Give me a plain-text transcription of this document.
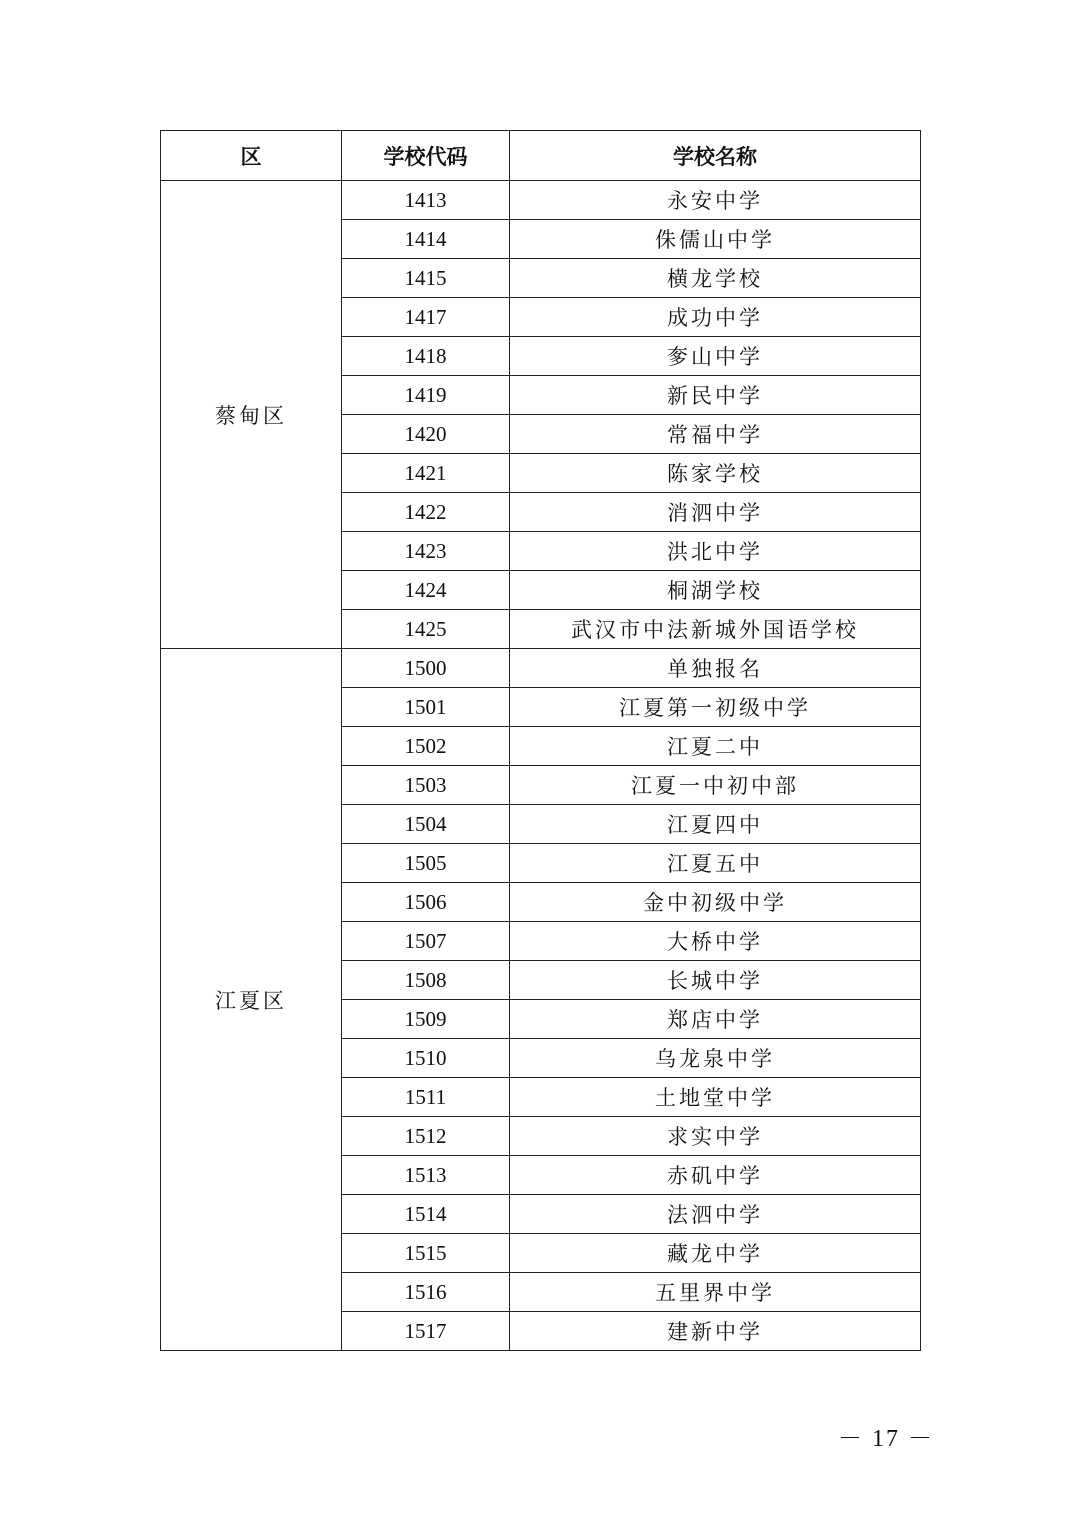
区	学校代码	学校名称
蔡甸区	1413	永安中学
	1414	侏儒山中学
	1415	横龙学校
	1417	成功中学
	1418	奓山中学
	1419	新民中学
	1420	常福中学
	1421	陈家学校
	1422	消泗中学
	1423	洪北中学
	1424	桐湖学校
	1425	武汉市中法新城外国语学校
江夏区	1500	单独报名
	1501	江夏第一初级中学
	1502	江夏二中
	1503	江夏一中初中部
	1504	江夏四中
	1505	江夏五中
	1506	金中初级中学
	1507	大桥中学
	1508	长城中学
	1509	郑店中学
	1510	乌龙泉中学
	1511	土地堂中学
	1512	求实中学
	1513	赤矶中学
	1514	法泗中学
	1515	藏龙中学
	1516	五里界中学
	1517	建新中学
－ 17 －
